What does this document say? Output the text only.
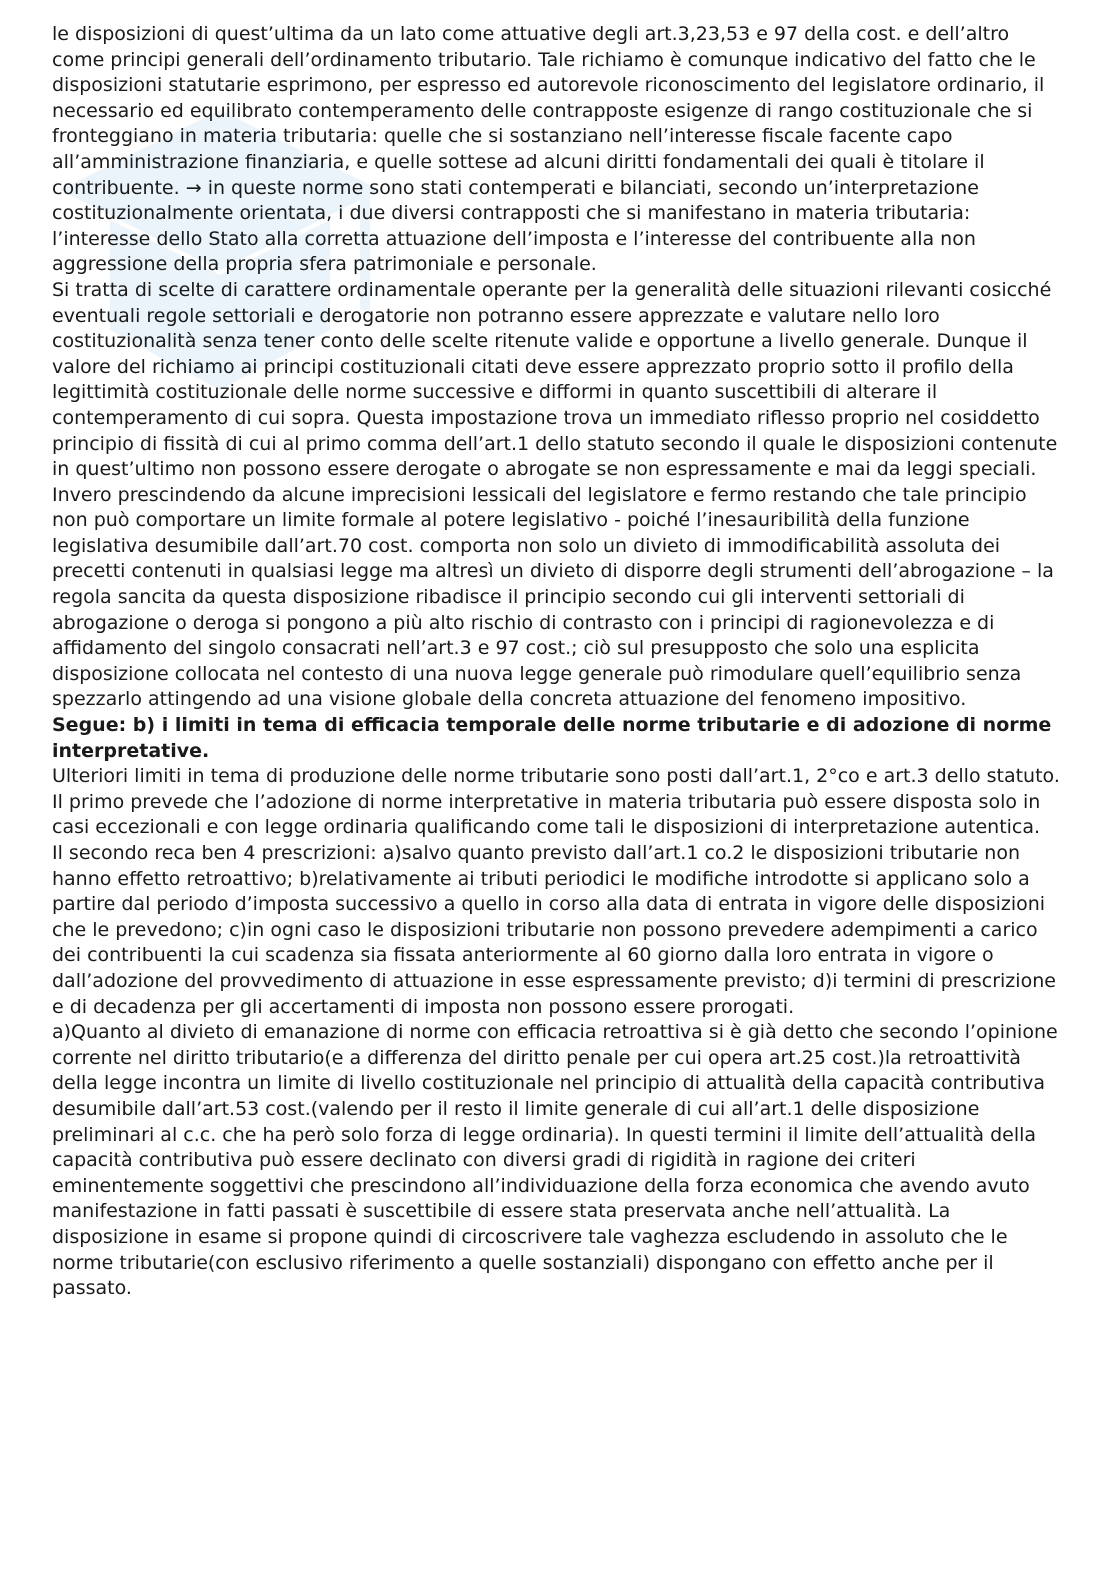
le disposizioni di quest’ultima da un lato come attuative degli art.3,23,53 e 97 della cost. e dell’altro come principi generali dell’ordinamento tributario. Tale richiamo è comunque indicativo del fatto che le disposizioni statutarie esprimono, per espresso ed autorevole riconoscimento del legislatore ordinario, il necessario ed equilibrato contemperamento delle contrapposte esigenze di rango costituzionale che si fronteggiano in materia tributaria: quelle che si sostanziano nell’interesse fiscale facente capo all’amministrazione finanziaria, e quelle sottese ad alcuni diritti fondamentali dei quali è titolare il contribuente. → in queste norme sono stati contemperati e bilanciati, secondo un’interpretazione costituzionalmente orientata, i due diversi contrapposti che si manifestano in materia tributaria: l’interesse dello Stato alla corretta attuazione dell’imposta e l’interesse del contribuente alla non aggressione della propria sfera patrimoniale e personale.

Si tratta di scelte di carattere ordinamentale operante per la generalità delle situazioni rilevanti cosicché eventuali regole settoriali e derogatorie non potranno essere apprezzate e valutare nello loro costituzionalità senza tener conto delle scelte ritenute valide e opportune a livello generale. Dunque il valore del richiamo ai principi costituzionali citati deve essere apprezzato proprio sotto il profilo della legittimità costituzionale delle norme successive e difformi in quanto suscettibili di alterare il contemperamento di cui sopra. Questa impostazione trova un immediato riflesso proprio nel cosiddetto principio di fissità di cui al primo comma dell’art.1 dello statuto secondo il quale le disposizioni contenute in quest’ultimo non possono essere derogate o abrogate se non espressamente e mai da leggi speciali. Invero prescindendo da alcune imprecisioni lessicali del legislatore e fermo restando che tale principio non può comportare un limite formale al potere legislativo - poiché l’inesauribilità della funzione legislativa desumibile dall’art.70 cost. comporta non solo un divieto di immodificabilità assoluta dei precetti contenuti in qualsiasi legge ma altresì un divieto di disporre degli strumenti dell’abrogazione – la regola sancita da questa disposizione ribadisce il principio secondo cui gli interventi settoriali di abrogazione o deroga si pongono a più alto rischio di contrasto con i principi di ragionevolezza e di affidamento del singolo consacrati nell’art.3 e 97 cost.; ciò sul presupposto che solo una esplicita disposizione collocata nel contesto di una nuova legge generale può rimodulare quell’equilibrio senza spezzarlo attingendo ad una visione globale della concreta attuazione del fenomeno impositivo.

Segue: b) i limiti in tema di efficacia temporale delle norme tributarie e di adozione di norme interpretative.

Ulteriori limiti in tema di produzione delle norme tributarie sono posti dall’art.1, 2°co e art.3 dello statuto. Il primo prevede che l’adozione di norme interpretative in materia tributaria può essere disposta solo in casi eccezionali e con legge ordinaria qualificando come tali le disposizioni di interpretazione autentica.

Il secondo reca ben 4 prescrizioni: a)salvo quanto previsto dall’art.1 co.2 le disposizioni tributarie non hanno effetto retroattivo; b)relativamente ai tributi periodici le modifiche introdotte si applicano solo a partire dal periodo d’imposta successivo a quello in corso alla data di entrata in vigore delle disposizioni che le prevedono; c)in ogni caso le disposizioni tributarie non possono prevedere adempimenti a carico dei contribuenti la cui scadenza sia fissata anteriormente al 60 giorno dalla loro entrata in vigore o dall’adozione del provvedimento di attuazione in esse espressamente previsto; d)i termini di prescrizione e di decadenza per gli accertamenti di imposta non possono essere prorogati.

a)Quanto al divieto di emanazione di norme con efficacia retroattiva si è già detto che secondo l’opinione corrente nel diritto tributario(e a differenza del diritto penale per cui opera art.25 cost.)la retroattività della legge incontra un limite di livello costituzionale nel principio di attualità della capacità contributiva desumibile dall’art.53 cost.(valendo per il resto il limite generale di cui all’art.1 delle disposizione preliminari al c.c. che ha però solo forza di legge ordinaria). In questi termini il limite dell’attualità della capacità contributiva può essere declinato con diversi gradi di rigidità in ragione dei criteri eminentemente soggettivi che prescindono all’individuazione della forza economica che avendo avuto manifestazione in fatti passati è suscettibile di essere stata preservata anche nell’attualità. La disposizione in esame si propone quindi di circoscrivere tale vaghezza escludendo in assoluto che le norme tributarie(con esclusivo riferimento a quelle sostanziali) dispongano con effetto anche per il passato.
